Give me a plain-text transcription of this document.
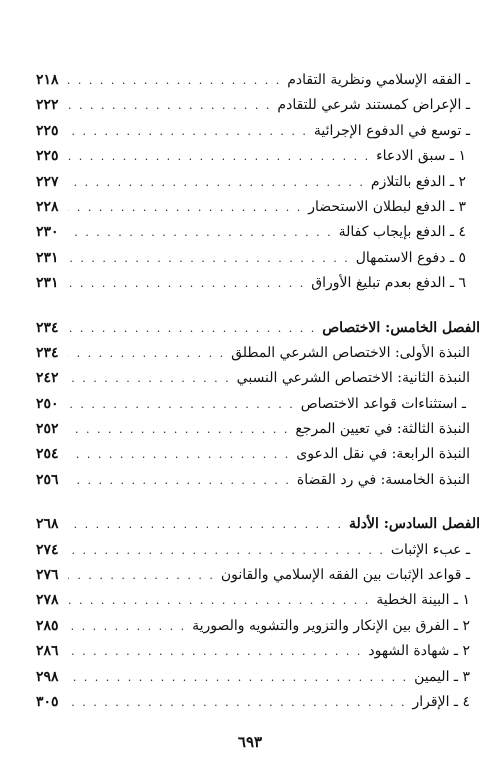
ـ الفقه الإسلامي ونظرية التقادم
. . .
٢١٨
ـ الإعراض كمستند شرعي للتقادم
. . .
٢٢٢
ـ توسع في الدفوع الإجرائية
. . .
٢٢٥
١ ـ سبق الادعاء
. . .
٢٢٥
٢ ـ الدفع بالتلازم
. . .
٢٢٧
٣ ـ الدفع لبطلان الاستحضار
. . .
٢٢٨
٤ ـ الدفع بإيجاب كفالة
. . .
٢٣٠
٥ ـ دفوع الاستمهال
. . .
٢٣١
٦ ـ الدفع بعدم تبليغ الأوراق
. . .
٢٣١
الفصل الخامس: الاختصاص
. . .
٢٣٤
النبذة الأولى: الاختصاص الشرعي المطلق
. . .
٢٣٤
النبذة الثانية: الاختصاص الشرعي النسبي
. . .
٢٤٢
ـ استثناءات قواعد الاختصاص
. . .
٢٥٠
النبذة الثالثة: في تعيين المرجع
. . .
٢٥٢
النبذة الرابعة: في نقل الدعوى
. . .
٢٥٤
النبذة الخامسة: في رد القضاة
. . .
٢٥٦
الفصل السادس: الأدلة
. . .
٢٦٨
ـ عبء الإثبات
. . .
٢٧٤
ـ قواعد الإثبات بين الفقه الإسلامي والقانون
. . .
٢٧٦
١ ـ البينة الخطية
. . .
٢٧٨
٢ ـ الفرق بين الإنكار والتزوير والتشويه والصورية
. . .
٢٨٥
٢ ـ شهادة الشهود
. . .
٢٨٦
٣ ـ اليمين
. . .
٢٩٨
٤ ـ الإقرار
. . .
٣٠٥
٦٩٣
